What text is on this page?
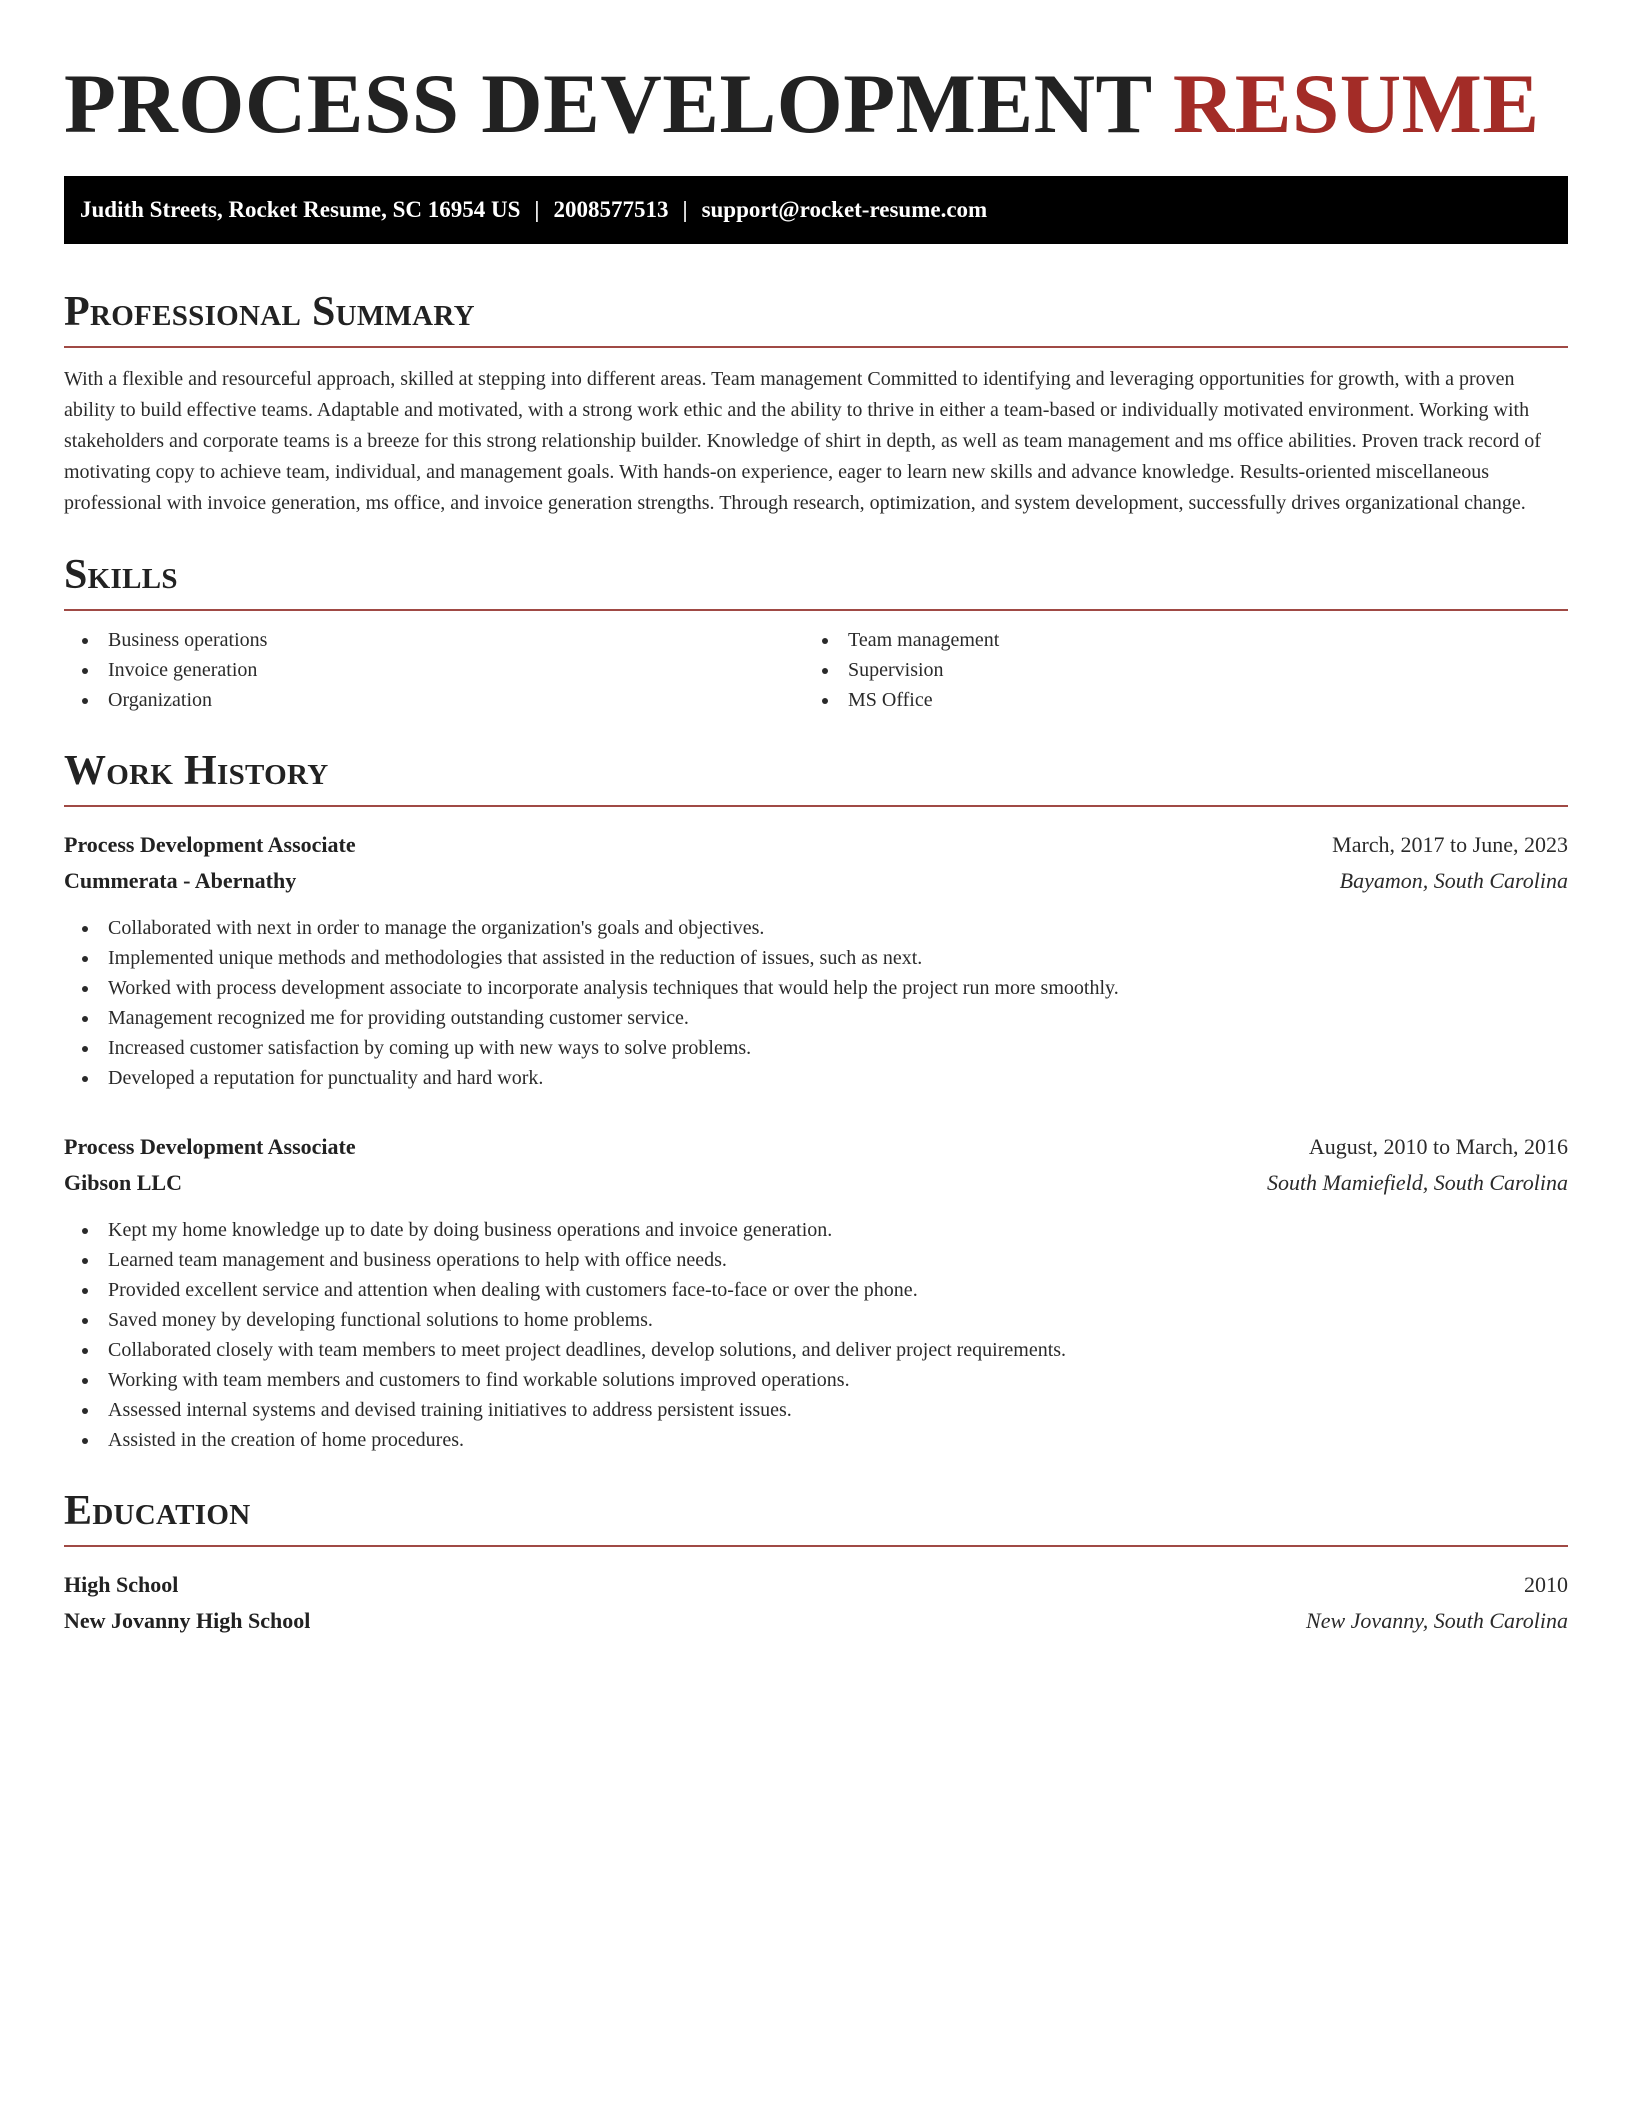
PROCESS DEVELOPMENT RESUME
Judith Streets, Rocket Resume, SC 16954 US | 2008577513 | support@rocket-resume.com
Professional Summary

With a flexible and resourceful approach, skilled at stepping into different areas. Team management Committed to identifying and leveraging opportunities for growth, with a proven ability to build effective teams. Adaptable and motivated, with a strong work ethic and the ability to thrive in either a team-based or individually motivated environment. Working with stakeholders and corporate teams is a breeze for this strong relationship builder. Knowledge of shirt in depth, as well as team management and ms office abilities. Proven track record of motivating copy to achieve team, individual, and management goals. With hands-on experience, eager to learn new skills and advance knowledge. Results-oriented miscellaneous professional with invoice generation, ms office, and invoice generation strengths. Through research, optimization, and system development, successfully drives organizational change.

Skills
Business operations
Invoice generation
Organization
Team management
Supervision
MS Office
Work History
Process Development Associate	March, 2017 to June, 2023
Cummerata - Abernathy	Bayamon, South Carolina
Collaborated with next in order to manage the organization's goals and objectives.
Implemented unique methods and methodologies that assisted in the reduction of issues, such as next.
Worked with process development associate to incorporate analysis techniques that would help the project run more smoothly.
Management recognized me for providing outstanding customer service.
Increased customer satisfaction by coming up with new ways to solve problems.
Developed a reputation for punctuality and hard work.
Process Development Associate	August, 2010 to March, 2016
Gibson LLC	South Mamiefield, South Carolina
Kept my home knowledge up to date by doing business operations and invoice generation.
Learned team management and business operations to help with office needs.
Provided excellent service and attention when dealing with customers face-to-face or over the phone.
Saved money by developing functional solutions to home problems.
Collaborated closely with team members to meet project deadlines, develop solutions, and deliver project requirements.
Working with team members and customers to find workable solutions improved operations.
Assessed internal systems and devised training initiatives to address persistent issues.
Assisted in the creation of home procedures.
Education
High School	2010
New Jovanny High School	New Jovanny, South Carolina
